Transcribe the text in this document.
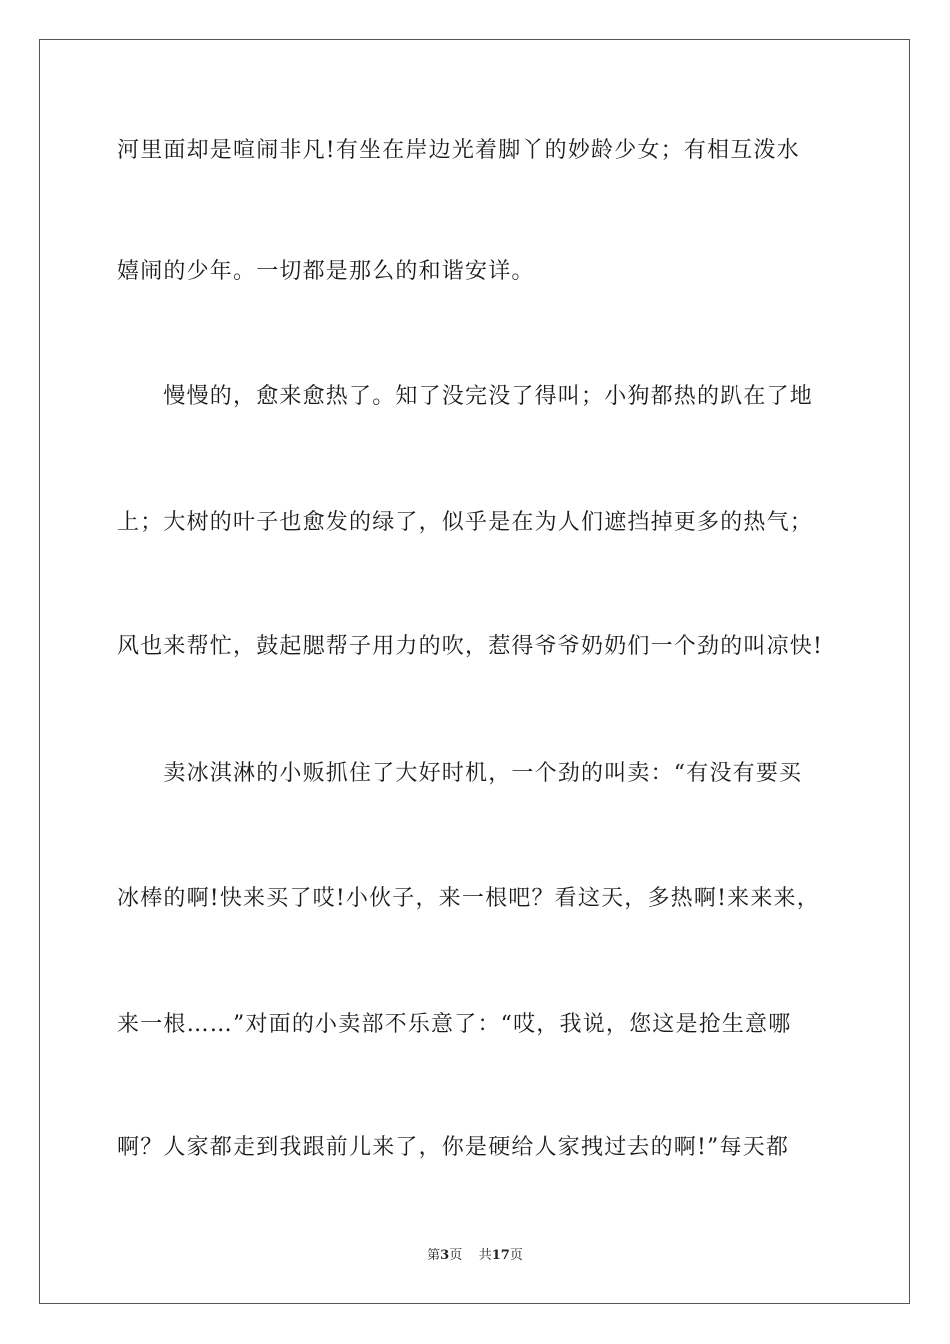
河里面却是喧闹非凡!有坐在岸边光着脚丫的妙龄少女；有相互泼水
嬉闹的少年。一切都是那么的和谐安详。
　　慢慢的，愈来愈热了。知了没完没了得叫；小狗都热的趴在了地
上；大树的叶子也愈发的绿了，似乎是在为人们遮挡掉更多的热气；
风也来帮忙，鼓起腮帮子用力的吹，惹得爷爷奶奶们一个劲的叫凉快!
　　卖冰淇淋的小贩抓住了大好时机，一个劲的叫卖：“有没有要买
冰棒的啊!快来买了哎!小伙子，来一根吧？看这天，多热啊!来来来，
来一根……”对面的小卖部不乐意了：“哎，我说，您这是抢生意哪
啊？人家都走到我跟前儿来了，你是硬给人家拽过去的啊!”每天都
第3页 共17页
